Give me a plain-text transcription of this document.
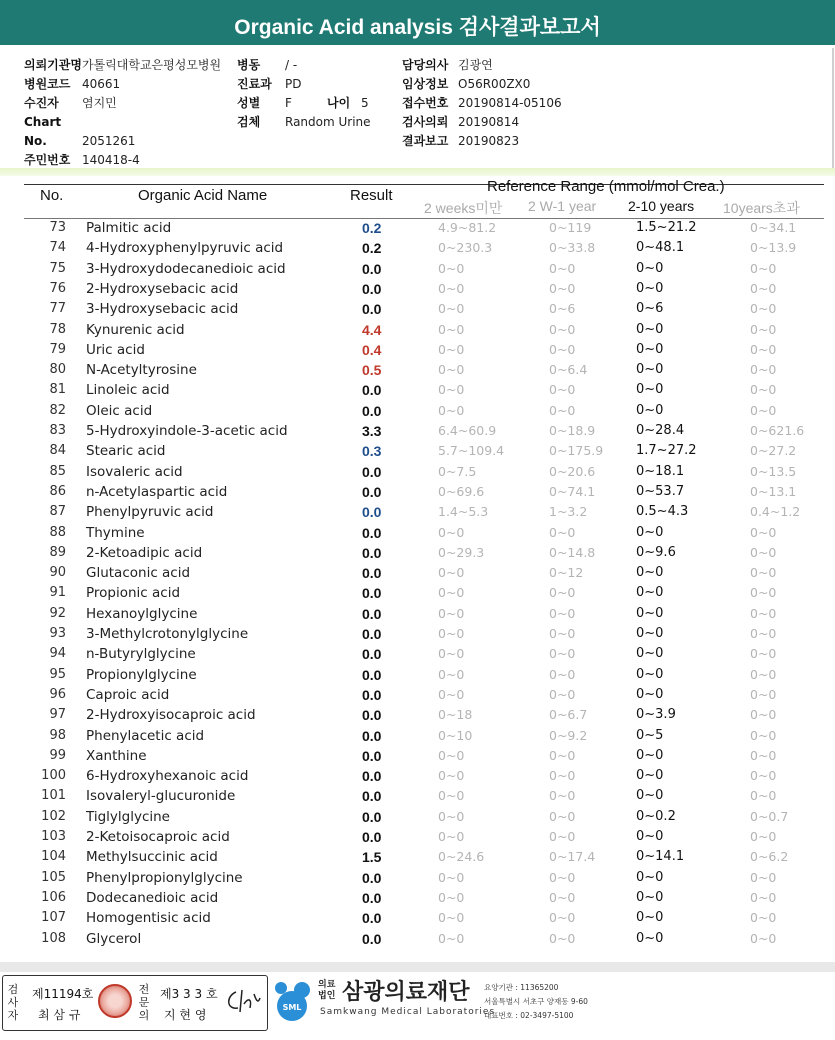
Organic Acid analysis 검사결과보고서
의뢰기관명가톨릭대학교은평성모병원
병원코드 40661
수진자 염지민
Chart No.	2051261
주민번호 140418-4
병동 / -
진료과 PD
성별 F	나이 5
검체 Random Urine
담당의사 김광연
임상정보 O56R00ZX0
접수번호 20190814-05106
검사의뢰 20190814
결과보고 20190823
No.	Organic Acid Name	Result
Reference Range (mmol/mol Crea.)
2 weeks미만 2 W-1 year 2-10 years 10years초과
73 Palmitic acid	0.2	4.9~81.2	0~119	1.5~21.2	0~34.1
74 4-Hydroxyphenylpyruvic acid	0.2	0~230.3	0~33.8	0~48.1	0~13.9
75 3-Hydroxydodecanedioic acid	0.0	0~0	0~0	0~0	0~0
76 2-Hydroxysebacic acid	0.0	0~0	0~0	0~0	0~0
77 3-Hydroxysebacic acid	0.0	0~0	0~6	0~6	0~0
78 Kynurenic acid	4.4	0~0	0~0	0~0	0~0
79 Uric acid	0.4	0~0	0~0	0~0	0~0
80 N-Acetyltyrosine	0.5	0~0	0~6.4	0~0	0~0
81 Linoleic acid	0.0	0~0	0~0	0~0	0~0
82 Oleic acid	0.0	0~0	0~0	0~0	0~0
83 5-Hydroxyindole-3-acetic acid	3.3	6.4~60.9	0~18.9	0~28.4	0~621.6
84 Stearic acid	0.3	5.7~109.4	0~175.9	1.7~27.2	0~27.2
85 Isovaleric acid	0.0	0~7.5	0~20.6	0~18.1	0~13.5
86 n-Acetylaspartic acid	0.0	0~69.6	0~74.1	0~53.7	0~13.1
87 Phenylpyruvic acid	0.0	1.4~5.3	1~3.2	0.5~4.3	0.4~1.2
88 Thymine	0.0	0~0	0~0	0~0	0~0
89 2-Ketoadipic acid	0.0	0~29.3	0~14.8	0~9.6	0~0
90 Glutaconic acid	0.0	0~0	0~12	0~0	0~0
91 Propionic acid	0.0	0~0	0~0	0~0	0~0
92 Hexanoylglycine	0.0	0~0	0~0	0~0	0~0
93 3-Methylcrotonylglycine	0.0	0~0	0~0	0~0	0~0
94 n-Butyrylglycine	0.0	0~0	0~0	0~0	0~0
95 Propionylglycine	0.0	0~0	0~0	0~0	0~0
96 Caproic acid	0.0	0~0	0~0	0~0	0~0
97 2-Hydroxyisocaproic acid	0.0	0~18	0~6.7	0~3.9	0~0
98 Phenylacetic acid	0.0	0~10	0~9.2	0~5	0~0
99 Xanthine	0.0	0~0	0~0	0~0	0~0
100 6-Hydroxyhexanoic acid	0.0	0~0	0~0	0~0	0~0
101 Isovaleryl-glucuronide	0.0	0~0	0~0	0~0	0~0
102 Tiglylglycine	0.0	0~0	0~0	0~0.2	0~0.7
103 2-Ketoisocaproic acid	0.0	0~0	0~0	0~0	0~0
104 Methylsuccinic acid	1.5	0~24.6	0~17.4	0~14.1	0~6.2
105 Phenylpropionylglycine	0.0	0~0	0~0	0~0	0~0
106 Dodecanedioic acid	0.0	0~0	0~0	0~0	0~0
107 Homogentisic acid	0.0	0~0	0~0	0~0	0~0
108 Glycerol	0.0	0~0	0~0	0~0	0~0
검사자
제11194호
최 삼 규
전문의
제3 3 3 호
지 현 영
SML
의료법인 삼광의료재단
Samkwang Medical Laboratories
요양기관 : 11365200
서울특별시 서초구 양재동 9-60
대표번호 : 02-3497-5100
